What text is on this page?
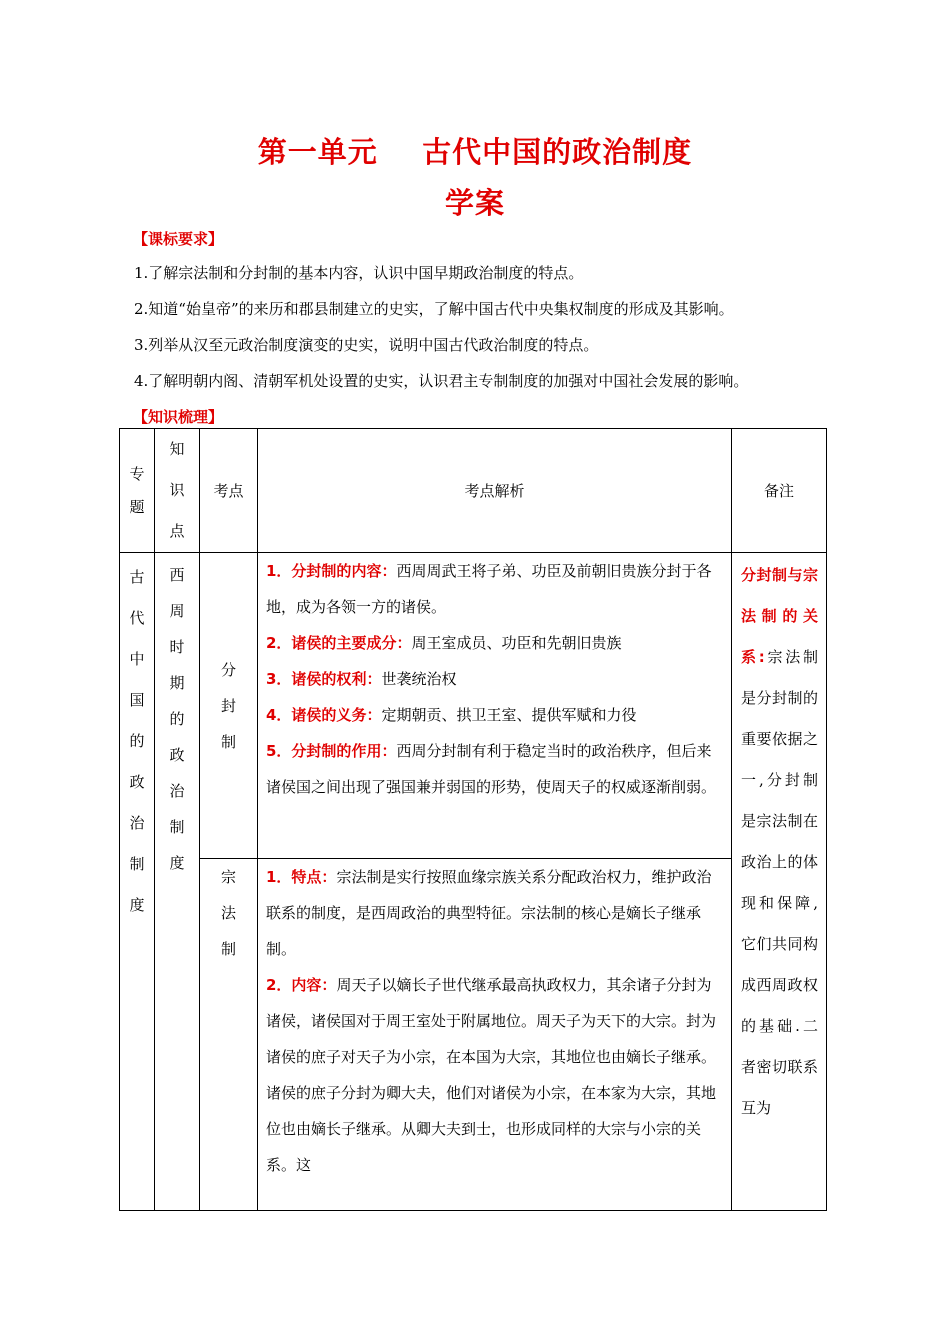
第一单元    古代中国的政治制度
学案
【课标要求】
1.了解宗法制和分封制的基本内容，认识中国早期政治制度的特点。
2.知道“始皇帝”的来历和郡县制建立的史实，了解中国古代中央集权制度的形成及其影响。
3.列举从汉至元政治制度演变的史实，说明中国古代政治制度的特点。
4.了解明朝内阁、清朝军机处设置的史实，认识君主专制制度的加强对中国社会发展的影响。
【知识梳理】
专题	知识点	考点	考点解析	备注

古代中国的政治制度	西周时期的政治制度	分封制	1．分封制的内容：西周周武王将子弟、功臣及前朝旧贵族分封于各地，成为各领一方的诸侯。
2．诸侯的主要成分：周王室成员、功臣和先朝旧贵族
3．诸侯的权利：世袭统治权
4．诸侯的义务：定期朝贡、拱卫王室、提供军赋和力役
5．分封制的作用：西周分封制有利于稳定当时的政治秩序，但后来诸侯国之间出现了强国兼并弱国的形势，使周天子的权威逐渐削弱。	分封制与宗法制的关系:宗法制是分封制的重要依据之一,分封制是宗法制在政治上的体现和保障,它们共同构成西周政权的基础.二者密切联系互为

		宗法制	1．特点：宗法制是实行按照血缘宗族关系分配政治权力，维护政治联系的制度，是西周政治的典型特征。宗法制的核心是嫡长子继承制。
2．内容：周天子以嫡长子世代继承最高执政权力，其余诸子分封为诸侯，诸侯国对于周王室处于附属地位。周天子为天下的大宗。封为诸侯的庶子对天子为小宗，在本国为大宗，其地位也由嫡长子继承。诸侯的庶子分封为卿大夫，他们对诸侯为小宗，在本家为大宗，其地位也由嫡长子继承。从卿大夫到士，也形成同样的大宗与小宗的关系。这	
